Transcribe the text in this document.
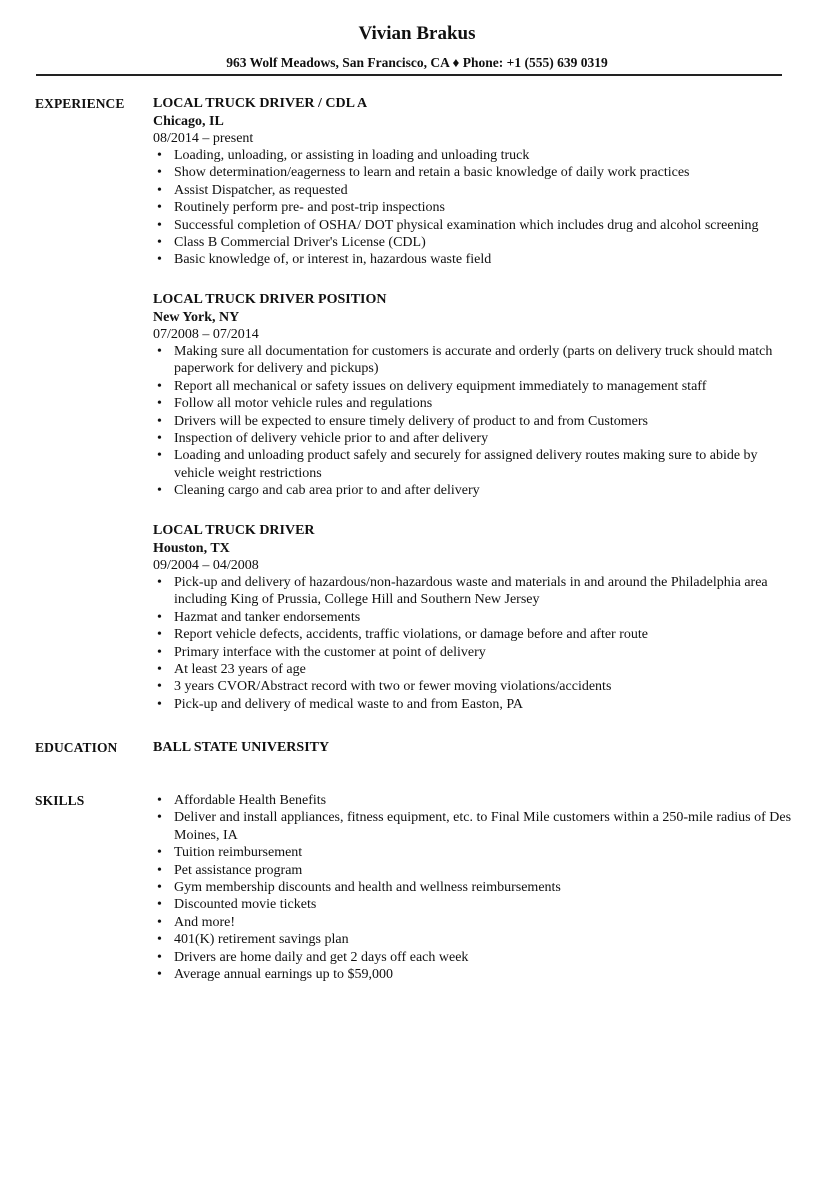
Vivian Brakus
963 Wolf Meadows, San Francisco, CA ♦ Phone: +1 (555) 639 0319
EXPERIENCE LOCAL TRUCK DRIVER / CDL A
Chicago, IL
08/2014 – present
• Loading, unloading, or assisting in loading and unloading truck
• Show determination/eagerness to learn and retain a basic knowledge of daily work practices
• Assist Dispatcher, as requested
• Routinely perform pre- and post-trip inspections
• Successful completion of OSHA/ DOT physical examination which includes drug and alcohol screening
• Class B Commercial Driver's License (CDL)
• Basic knowledge of, or interest in, hazardous waste field
LOCAL TRUCK DRIVER POSITION
New York, NY
07/2008 – 07/2014
• Making sure all documentation for customers is accurate and orderly (parts on delivery truck should match paperwork for delivery and pickups)
• Report all mechanical or safety issues on delivery equipment immediately to management staff
• Follow all motor vehicle rules and regulations
• Drivers will be expected to ensure timely delivery of product to and from Customers
• Inspection of delivery vehicle prior to and after delivery
• Loading and unloading product safely and securely for assigned delivery routes making sure to abide by vehicle weight restrictions
• Cleaning cargo and cab area prior to and after delivery
LOCAL TRUCK DRIVER
Houston, TX
09/2004 – 04/2008
• Pick-up and delivery of hazardous/non-hazardous waste and materials in and around the Philadelphia area including King of Prussia, College Hill and Southern New Jersey
• Hazmat and tanker endorsements
• Report vehicle defects, accidents, traffic violations, or damage before and after route
• Primary interface with the customer at point of delivery
• At least 23 years of age
• 3 years CVOR/Abstract record with two or fewer moving violations/accidents
• Pick-up and delivery of medical waste to and from Easton, PA
EDUCATION	BALL STATE UNIVERSITY
SKILLS
•	Affordable Health Benefits
• Deliver and install appliances, fitness equipment, etc. to Final Mile customers within a 250-mile radius of Des Moines, IA
• Tuition reimbursement
• Pet assistance program
• Gym membership discounts and health and wellness reimbursements
• Discounted movie tickets
• And more!
• 401(K) retirement savings plan
• Drivers are home daily and get 2 days off each week
• Average annual earnings up to $59,000
